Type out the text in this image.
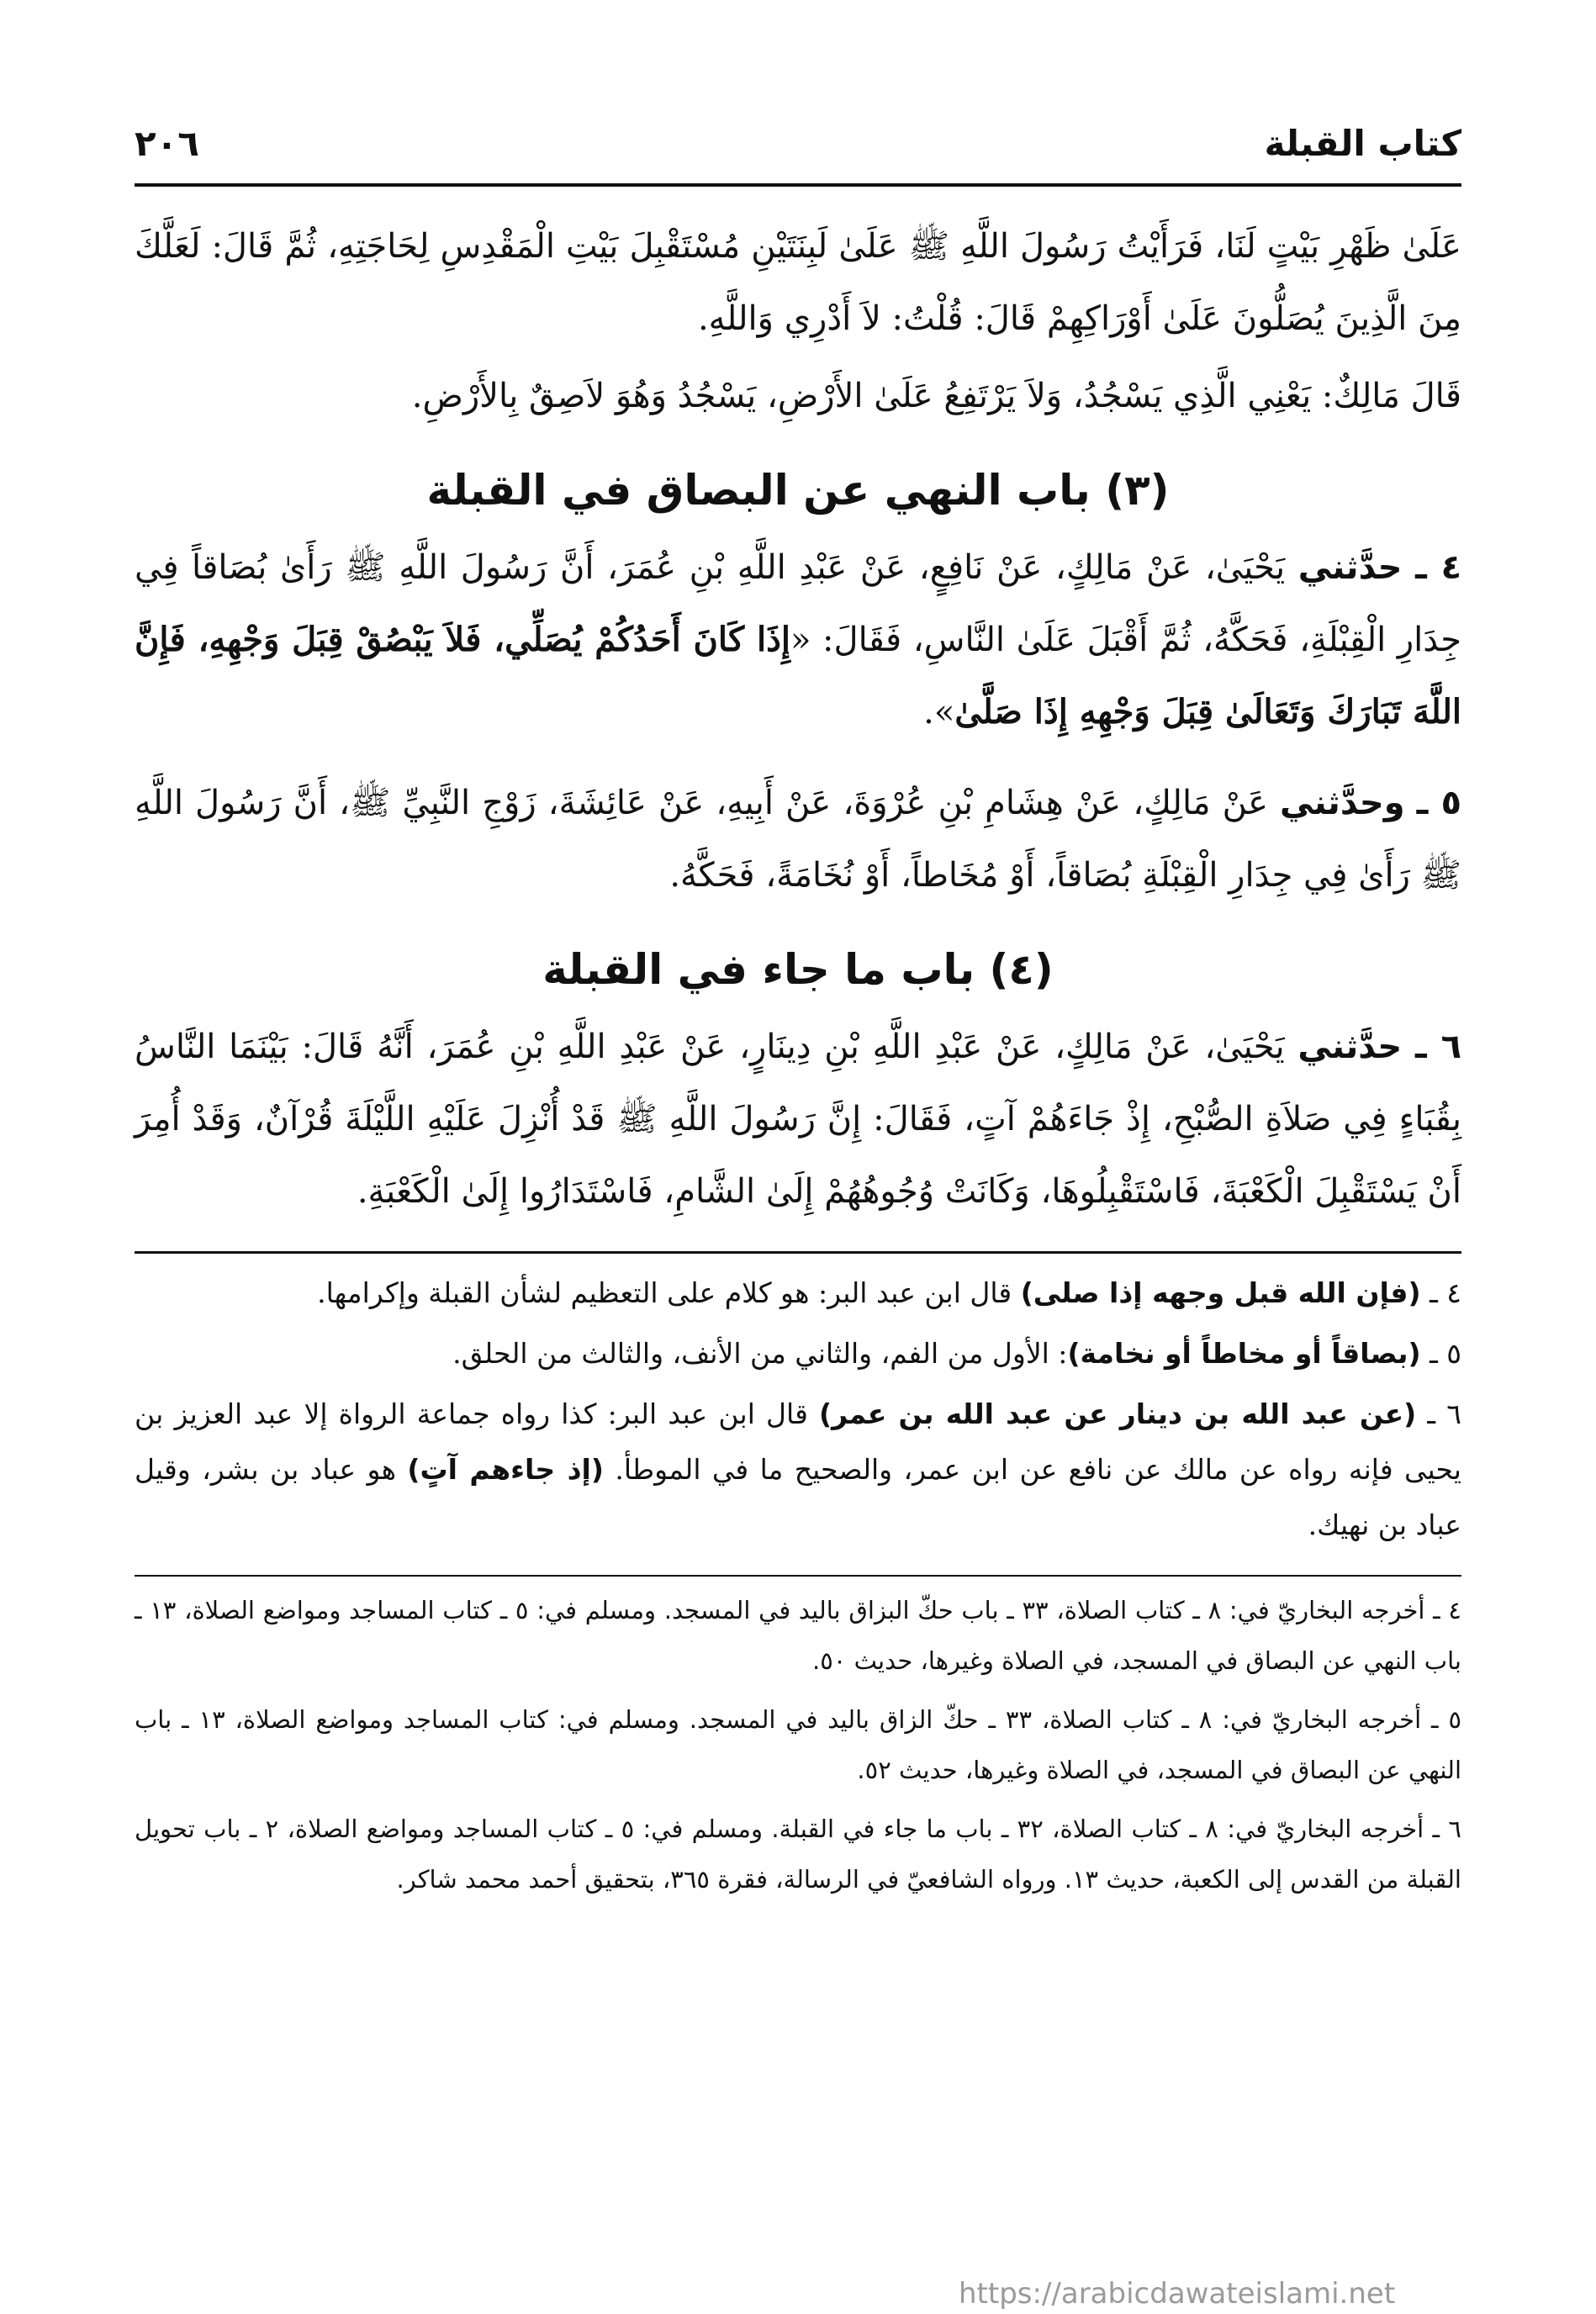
كتاب القبلة
٢٠٦

عَلَىٰ ظَهْرِ بَيْتٍ لَنَا، فَرَأَيْتُ رَسُولَ اللَّهِ ﷺ عَلَىٰ لَبِنَتَيْنِ مُسْتَقْبِلَ بَيْتِ الْمَقْدِسِ لِحَاجَتِهِ، ثُمَّ قَالَ: لَعَلَّكَ مِنَ الَّذِينَ يُصَلُّونَ عَلَىٰ أَوْرَاكِهِمْ قَالَ: قُلْتُ: لاَ أَدْرِي وَاللَّهِ.

قَالَ مَالِكٌ: يَعْنِي الَّذِي يَسْجُدُ، وَلاَ يَرْتَفِعُ عَلَىٰ الأَرْضِ، يَسْجُدُ وَهُوَ لاَصِقٌ بِالأَرْضِ.

(٣) باب النهي عن البصاق في القبلة

٤ ـ حدَّثني يَحْيَىٰ، عَنْ مَالِكٍ، عَنْ نَافِعٍ، عَنْ عَبْدِ اللَّهِ بْنِ عُمَرَ، أَنَّ رَسُولَ اللَّهِ ﷺ رَأَىٰ بُصَاقاً فِي جِدَارِ الْقِبْلَةِ، فَحَكَّهُ، ثُمَّ أَقْبَلَ عَلَىٰ النَّاسِ، فَقَالَ: «إِذَا كَانَ أَحَدُكُمْ يُصَلِّي، فَلاَ يَبْصُقْ قِبَلَ وَجْهِهِ، فَإِنَّ اللَّهَ تَبَارَكَ وَتَعَالَىٰ قِبَلَ وَجْهِهِ إِذَا صَلَّىٰ».

٥ ـ وحدَّثني عَنْ مَالِكٍ، عَنْ هِشَامِ بْنِ عُرْوَةَ، عَنْ أَبِيهِ، عَنْ عَائِشَةَ، زَوْجِ النَّبِيِّ ﷺ، أَنَّ رَسُولَ اللَّهِ ﷺ رَأَىٰ فِي جِدَارِ الْقِبْلَةِ بُصَاقاً، أَوْ مُخَاطاً، أَوْ نُخَامَةً، فَحَكَّهُ.

(٤) باب ما جاء في القبلة

٦ ـ حدَّثني يَحْيَىٰ، عَنْ مَالِكٍ، عَنْ عَبْدِ اللَّهِ بْنِ دِينَارٍ، عَنْ عَبْدِ اللَّهِ بْنِ عُمَرَ، أَنَّهُ قَالَ: بَيْنَمَا النَّاسُ بِقُبَاءٍ فِي صَلاَةِ الصُّبْحِ، إِذْ جَاءَهُمْ آتٍ، فَقَالَ: إِنَّ رَسُولَ اللَّهِ ﷺ قَدْ أُنْزِلَ عَلَيْهِ اللَّيْلَةَ قُرْآنٌ، وَقَدْ أُمِرَ أَنْ يَسْتَقْبِلَ الْكَعْبَةَ، فَاسْتَقْبِلُوهَا، وَكَانَتْ وُجُوهُهُمْ إِلَىٰ الشَّامِ، فَاسْتَدَارُوا إِلَىٰ الْكَعْبَةِ.

٤ ـ (فإن الله قبل وجهه إذا صلى) قال ابن عبد البر: هو كلام على التعظيم لشأن القبلة وإكرامها.

٥ ـ (بصاقاً أو مخاطاً أو نخامة): الأول من الفم، والثاني من الأنف، والثالث من الحلق.

٦ ـ (عن عبد الله بن دينار عن عبد الله بن عمر) قال ابن عبد البر: كذا رواه جماعة الرواة إلا عبد العزيز بن يحيى فإنه رواه عن مالك عن نافع عن ابن عمر، والصحيح ما في الموطأ. (إذ جاءهم آتٍ) هو عباد بن بشر، وقيل عباد بن نهيك.

٤ ـ أخرجه البخاريّ في: ٨ ـ كتاب الصلاة، ٣٣ ـ باب حكّ البزاق باليد في المسجد. ومسلم في: ٥ ـ كتاب المساجد ومواضع الصلاة، ١٣ ـ باب النهي عن البصاق في المسجد، في الصلاة وغيرها، حديث ٥٠.

٥ ـ أخرجه البخاريّ في: ٨ ـ كتاب الصلاة، ٣٣ ـ حكّ الزاق باليد في المسجد. ومسلم في: كتاب المساجد ومواضع الصلاة، ١٣ ـ باب النهي عن البصاق في المسجد، في الصلاة وغيرها، حديث ٥٢.

٦ ـ أخرجه البخاريّ في: ٨ ـ كتاب الصلاة، ٣٢ ـ باب ما جاء في القبلة. ومسلم في: ٥ ـ كتاب المساجد ومواضع الصلاة، ٢ ـ باب تحويل القبلة من القدس إلى الكعبة، حديث ١٣. ورواه الشافعيّ في الرسالة، فقرة ٣٦٥، بتحقيق أحمد محمد شاكر.

https://arabicdawateislami.net
